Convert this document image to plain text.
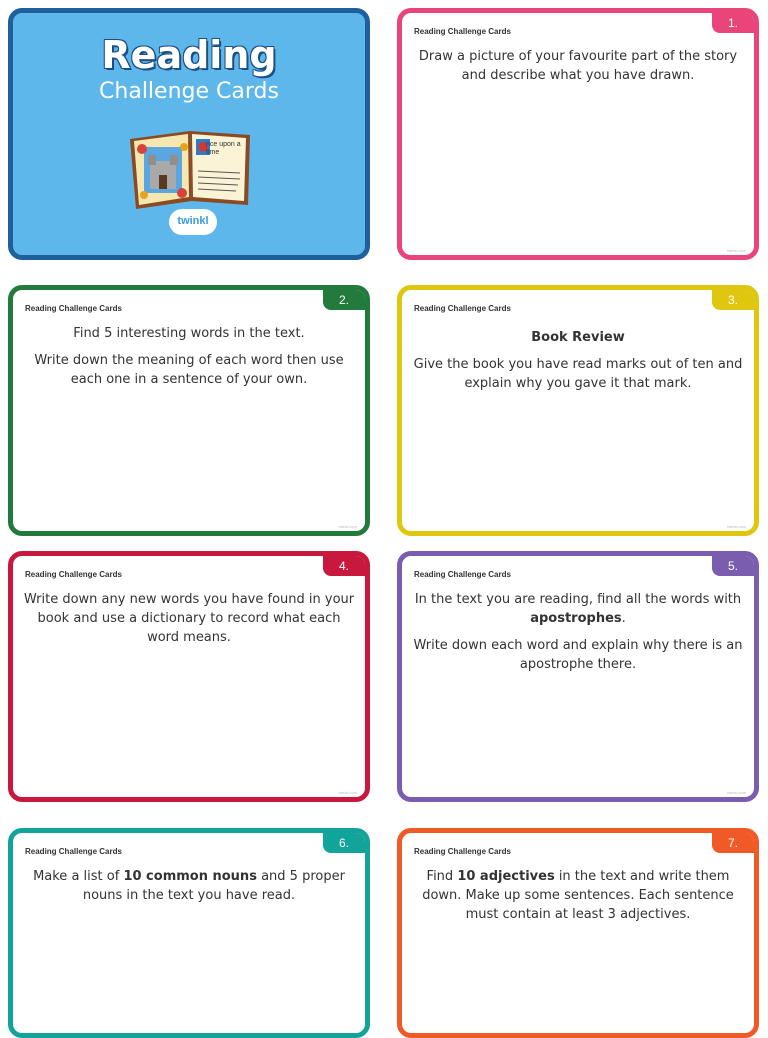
Reading
Challenge Cards
nce upon a time
twinkl
1.
Reading Challenge Cards

Draw a picture of your favourite part of the story and describe what you have drawn.

twinkl.com
2.
Reading Challenge Cards

Find 5 interesting words in the text.

Write down the meaning of each word then use each one in a sentence of your own.

twinkl.com
3.
Reading Challenge Cards

Book Review

Give the book you have read marks out of ten and explain why you gave it that mark.

twinkl.com
4.
Reading Challenge Cards

Write down any new words you have found in your book and use a dictionary to record what each word means.

twinkl.com
5.
Reading Challenge Cards

In the text you are reading, find all the words with apostrophes.

Write down each word and explain why there is an apostrophe there.

twinkl.com
6.
Reading Challenge Cards

Make a list of 10 common nouns and 5 proper nouns in the text you have read.

7.
Reading Challenge Cards

Find 10 adjectives in the text and write them down. Make up some sentences. Each sentence must contain at least 3 adjectives.
